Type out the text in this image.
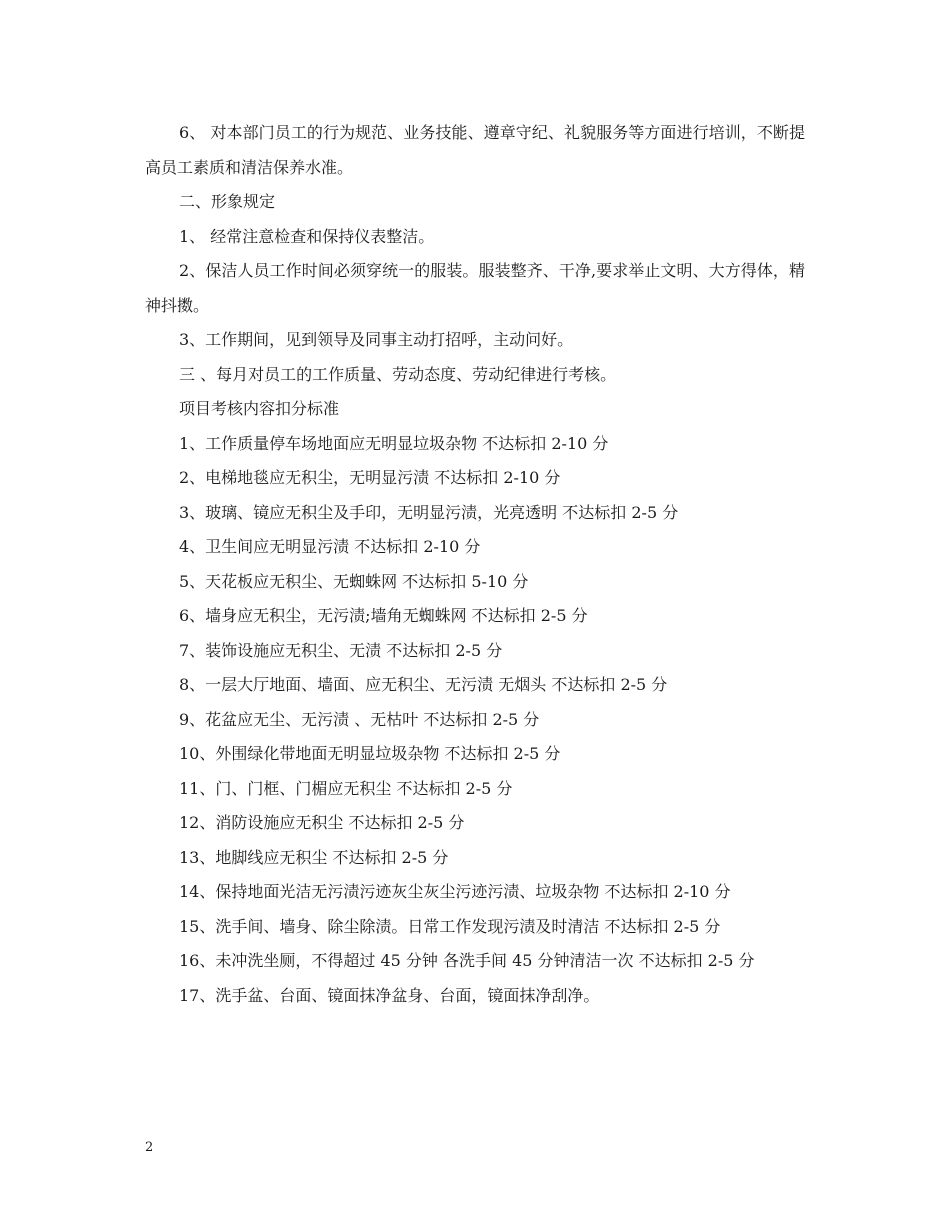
6、 对本部门员工的行为规范、业务技能、遵章守纪、礼貌服务等方面进行培训，不断提高员工素质和清洁保养水准。

二、形象规定

1、 经常注意检查和保持仪表整洁。

2、保洁人员工作时间必须穿统一的服装。服装整齐、干净,要求举止文明、大方得体，精神抖擞。

3、工作期间，见到领导及同事主动打招呼，主动问好。

三 、每月对员工的工作质量、劳动态度、劳动纪律进行考核。

项目考核内容扣分标准

1、工作质量停车场地面应无明显垃圾杂物 不达标扣 2-10 分

2、电梯地毯应无积尘，无明显污渍 不达标扣 2-10 分

3、玻璃、镜应无积尘及手印，无明显污渍，光亮透明 不达标扣 2-5 分

4、卫生间应无明显污渍 不达标扣 2-10 分

5、天花板应无积尘、无蜘蛛网 不达标扣 5-10 分

6、墙身应无积尘，无污渍;墙角无蜘蛛网 不达标扣 2-5 分

7、装饰设施应无积尘、无渍 不达标扣 2-5 分

8、一层大厅地面、墙面、应无积尘、无污渍 无烟头 不达标扣 2-5 分

9、花盆应无尘、无污渍 、无枯叶 不达标扣 2-5 分

10、外围绿化带地面无明显垃圾杂物 不达标扣 2-5 分

11、门、门框、门楣应无积尘 不达标扣 2-5 分

12、消防设施应无积尘 不达标扣 2-5 分

13、地脚线应无积尘 不达标扣 2-5 分

14、保持地面光洁无污渍污迹灰尘灰尘污迹污渍、垃圾杂物 不达标扣 2-10 分

15、洗手间、墙身、除尘除渍。日常工作发现污渍及时清洁 不达标扣 2-5 分

16、未冲洗坐厕，不得超过 45 分钟 各洗手间 45 分钟清洁一次 不达标扣 2-5 分

17、洗手盆、台面、镜面抹净盆身、台面，镜面抹净刮净。

2
